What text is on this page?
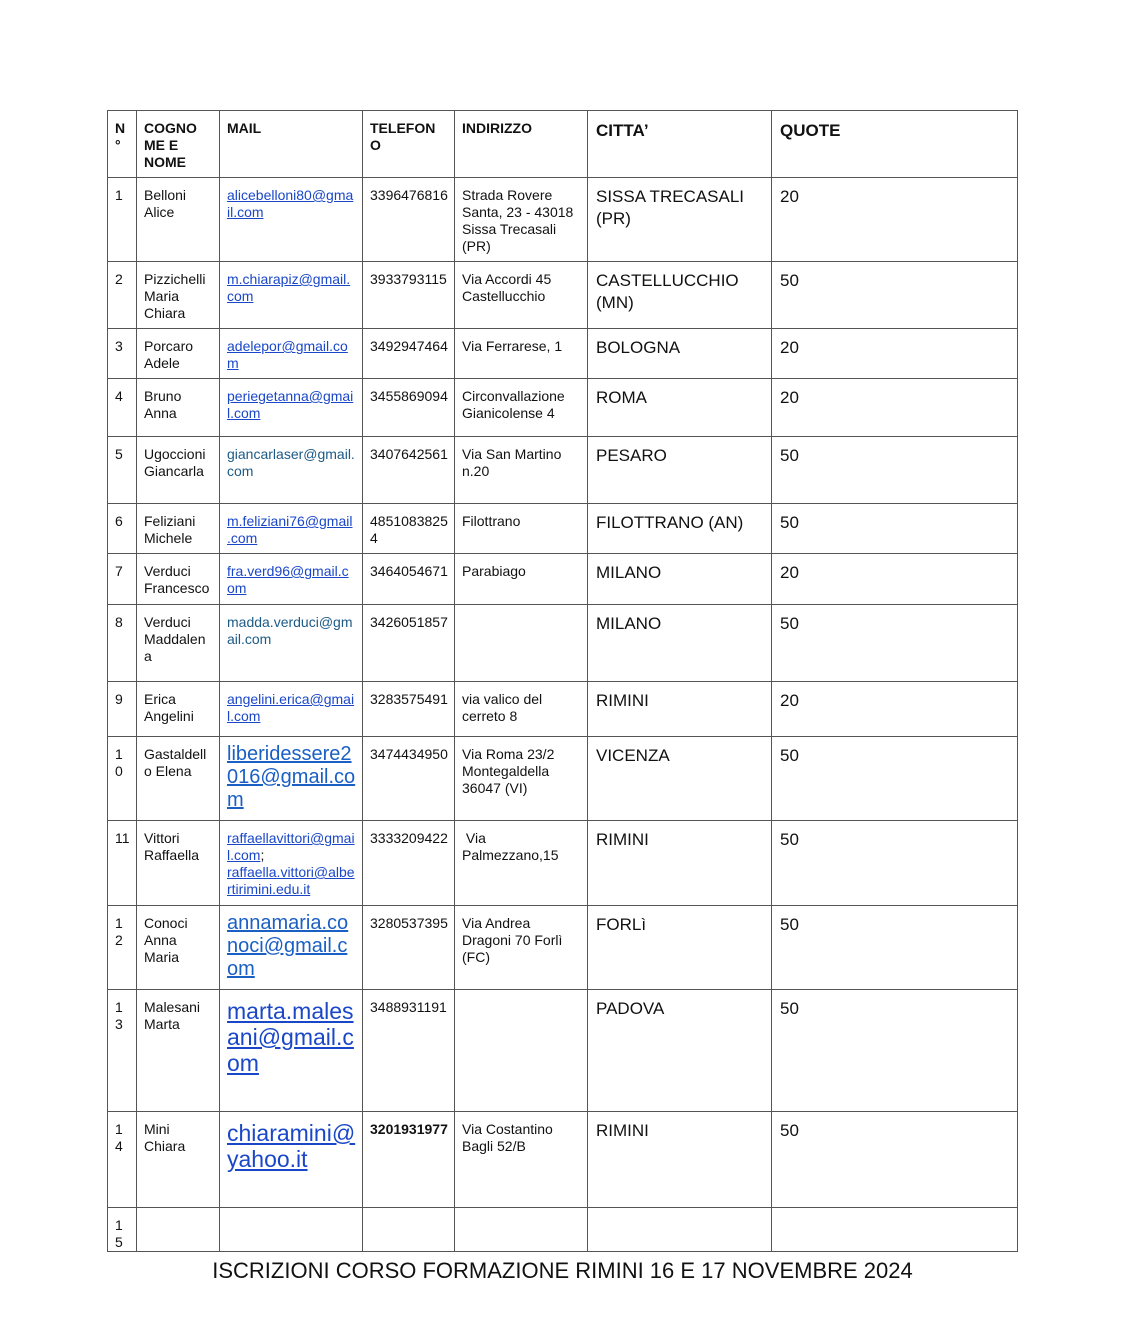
N°	COGNO ME E NOME	MAIL	TELEFON O	INDIRIZZO	CITTA’	QUOTE

1	Belloni Alice	alicebelloni80@gmail.com	3396476816	Strada Rovere Santa, 23 - 43018 Sissa Trecasali (PR)	SISSA TRECASALI (PR)	20

2	Pizzichelli Maria Chiara	m.chiarapiz@gmail.com	3933793115	Via Accordi 45 Castellucchio	CASTELLUCCHIO (MN)	50

3	Porcaro Adele	adelepor@gmail.com	3492947464	Via Ferrarese, 1	BOLOGNA	20

4	Bruno Anna	periegetanna@gmail.com	3455869094	Circonvallazione Gianicolense 4	ROMA	20

5	Ugoccioni Giancarla	giancarlaser@gmail.com	3407642561	Via San Martino n.20	PESARO	50

6	Feliziani Michele	m.feliziani76@gmail.com	48510838254	Filottrano	FILOTTRANO (AN)	50

7	Verduci Francesco	fra.verd96@gmail.com	3464054671	Parabiago	MILANO	20

8	Verduci Maddalena	madda.verduci@gmail.com	3426051857		MILANO	50

9	Erica Angelini	angelini.erica@gmail.com	3283575491	via valico del cerreto 8	RIMINI	20

10	Gastaldello Elena	liberidessere2016@gmail.com	3474434950	Via Roma 23/2 Montegaldella 36047 (VI)	VICENZA	50

11	Vittori Raffaella	raffaellavittori@gmail.com; raffaella.vittori@albertirimini.edu.it	3333209422	Via Palmezzano,15	RIMINI	50

12	Conoci Anna Maria	annamaria.conoci@gmail.com	3280537395	Via Andrea Dragoni 70 Forlì (FC)	FORLì	50

13	Malesani Marta	marta.malesani@gmail.com	3488931191		PADOVA	50

14	Mini Chiara	chiaramini@yahoo.it	3201931977	Via Costantino Bagli 52/B	RIMINI	50

15						

ISCRIZIONI CORSO FORMAZIONE RIMINI 16 E 17 NOVEMBRE 2024
